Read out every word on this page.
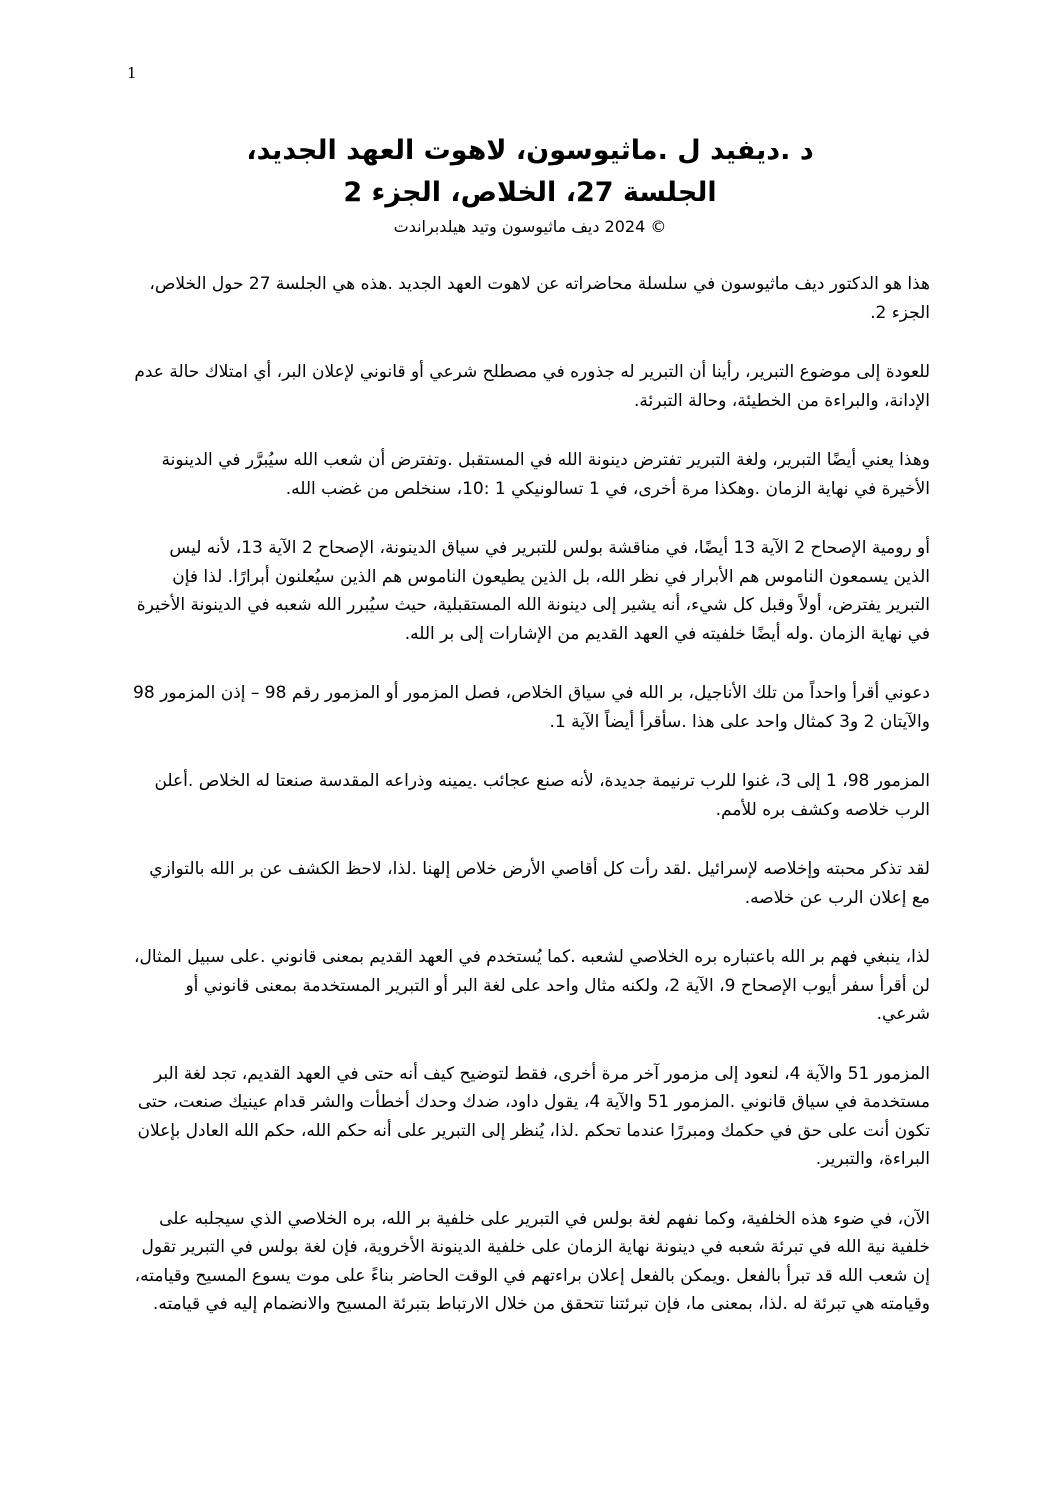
1
د .ديفيد ل .ماثيوسون، لاهوت العهد الجديد،
الجلسة 27، الخلاص، الجزء 2
© 2024 ديف ماثيوسون وتيد هيلدبراندت

هذا هو الدكتور ديف ماثيوسون في سلسلة محاضراته عن لاهوت العهد الجديد .هذه هي الجلسة 27 حول الخلاص، الجزء 2.

للعودة إلى موضوع التبرير، رأينا أن التبرير له جذوره في مصطلح شرعي أو قانوني لإعلان البر، أي امتلاك حالة عدم الإدانة، والبراءة من الخطيئة، وحالة التبرئة.

وهذا يعني أيضًا التبرير، ولغة التبرير تفترض دينونة الله في المستقبل .وتفترض أن شعب الله سيُبرَّر في الدينونة الأخيرة في نهاية الزمان .وهكذا مرة أخرى، في 1 تسالونيكي 1 :10، سنخلص من غضب الله.

أو رومية الإصحاح 2 الآية 13 أيضًا، في مناقشة بولس للتبرير في سياق الدينونة، الإصحاح 2 الآية 13، لأنه ليس الذين يسمعون الناموس هم الأبرار في نظر الله، بل الذين يطيعون الناموس هم الذين سيُعلنون أبرارًا. لذا فإن التبرير يفترض، أولاً وقبل كل شيء، أنه يشير إلى دينونة الله المستقبلية، حيث سيُبرر الله شعبه في الدينونة الأخيرة في نهاية الزمان .وله أيضًا خلفيته في العهد القديم من الإشارات إلى بر الله.

دعوني أقرأ واحداً من تلك الأناجيل، بر الله في سياق الخلاص، فصل المزمور أو المزمور رقم 98 – إذن المزمور 98 والآيتان 2 و3 كمثال واحد على هذا .سأقرأ أيضاً الآية 1.

المزمور 98، 1 إلى 3، غنوا للرب ترنيمة جديدة، لأنه صنع عجائب .يمينه وذراعه المقدسة صنعتا له الخلاص .أعلن الرب خلاصه وكشف بره للأمم.

لقد تذكر محبته وإخلاصه لإسرائيل .لقد رأت كل أقاصي الأرض خلاص إلهنا .لذا، لاحظ الكشف عن بر الله بالتوازي مع إعلان الرب عن خلاصه.

لذا، ينبغي فهم بر الله باعتباره بره الخلاصي لشعبه .كما يُستخدم في العهد القديم بمعنى قانوني .على سبيل المثال، لن أقرأ سفر أيوب الإصحاح 9، الآية 2، ولكنه مثال واحد على لغة البر أو التبرير المستخدمة بمعنى قانوني أو شرعي.

المزمور 51 والآية 4، لنعود إلى مزمور آخر مرة أخرى، فقط لتوضيح كيف أنه حتى في العهد القديم، تجد لغة البر مستخدمة في سياق قانوني .المزمور 51 والآية 4، يقول داود، ضدك وحدك أخطأت والشر قدام عينيك صنعت، حتى تكون أنت على حق في حكمك ومبررًا عندما تحكم .لذا، يُنظر إلى التبرير على أنه حكم الله، حكم الله العادل بإعلان البراءة، والتبرير.

الآن، في ضوء هذه الخلفية، وكما نفهم لغة بولس في التبرير على خلفية بر الله، بره الخلاصي الذي سيجلبه على خلفية نية الله في تبرئة شعبه في دينونة نهاية الزمان على خلفية الدينونة الأخروية، فإن لغة بولس في التبرير تقول إن شعب الله قد تبرأ بالفعل .ويمكن بالفعل إعلان براءتهم في الوقت الحاضر بناءً على موت يسوع المسيح وقيامته، وقيامته هي تبرئة له .لذا، بمعنى ما، فإن تبرئتنا تتحقق من خلال الارتباط بتبرئة المسيح والانضمام إليه في قيامته.
